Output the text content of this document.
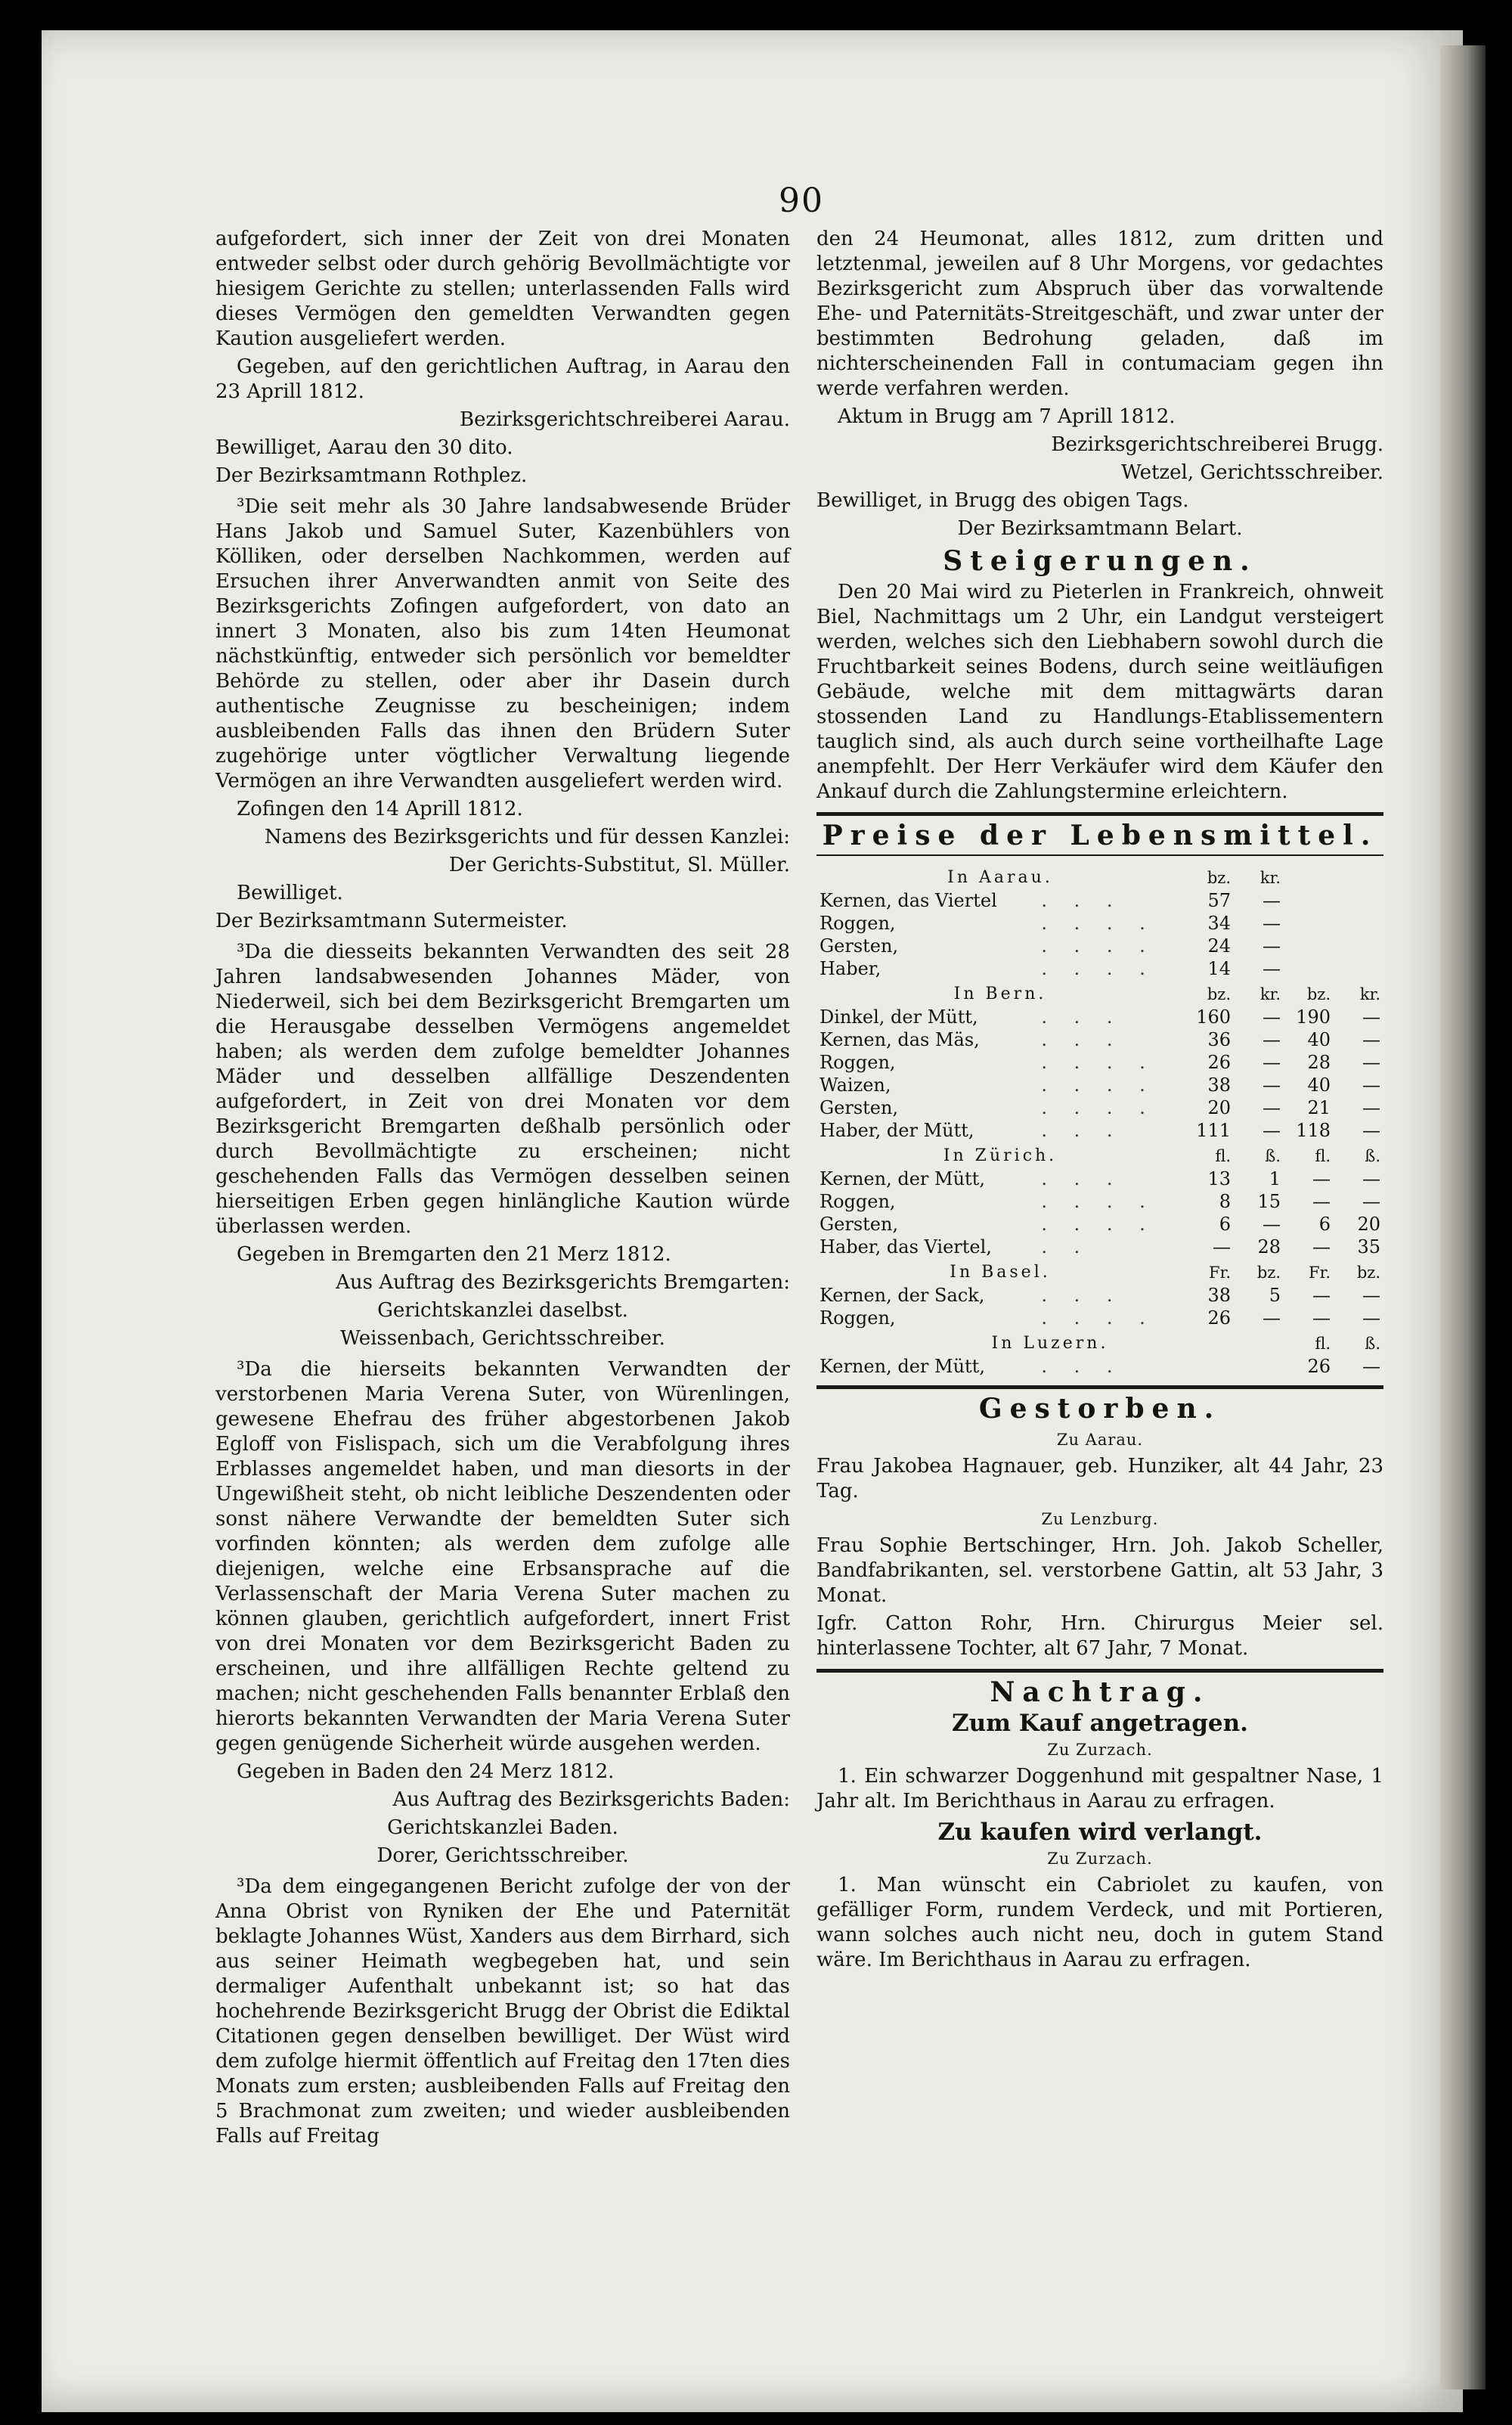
90

aufgefordert, sich inner der Zeit von drei Monaten entweder selbst oder durch gehörig Bevollmächtigte vor hiesigem Gerichte zu stellen; unterlassenden Falls wird dieses Vermögen den gemeldten Verwandten gegen Kaution ausgeliefert werden.

Gegeben, auf den gerichtlichen Auftrag, in Aarau den 23 Aprill 1812.

Bezirksgerichtschreiberei Aarau.

Bewilliget, Aarau den 30 dito.

Der Bezirksamtmann Rothplez.

³Die seit mehr als 30 Jahre landsabwesende Brüder Hans Jakob und Samuel Suter, Kazenbühlers von Kölliken, oder derselben Nachkommen, werden auf Ersuchen ihrer Anverwandten anmit von Seite des Bezirksgerichts Zofingen aufgefordert, von dato an innert 3 Monaten, also bis zum 14ten Heumonat nächstkünftig, entweder sich persönlich vor bemeldter Behörde zu stellen, oder aber ihr Dasein durch authentische Zeugnisse zu bescheinigen; indem ausbleibenden Falls das ihnen den Brüdern Suter zugehörige unter vögtlicher Verwaltung liegende Vermögen an ihre Verwandten ausgeliefert werden wird.

Zofingen den 14 Aprill 1812.

Namens des Bezirksgerichts und für dessen Kanzlei:

Der Gerichts-Substitut, Sl. Müller.

Bewilliget.

Der Bezirksamtmann Sutermeister.

³Da die diesseits bekannten Verwandten des seit 28 Jahren landsabwesenden Johannes Mäder, von Niederweil, sich bei dem Bezirksgericht Bremgarten um die Herausgabe desselben Vermögens angemeldet haben; als werden dem zufolge bemeldter Johannes Mäder und desselben allfällige Deszendenten aufgefordert, in Zeit von drei Monaten vor dem Bezirksgericht Bremgarten deßhalb persönlich oder durch Bevollmächtigte zu erscheinen; nicht geschehenden Falls das Vermögen desselben seinen hierseitigen Erben gegen hinlängliche Kaution würde überlassen werden.

Gegeben in Bremgarten den 21 Merz 1812.

Aus Auftrag des Bezirksgerichts Bremgarten:

Gerichtskanzlei daselbst.

Weissenbach, Gerichtsschreiber.

³Da die hierseits bekannten Verwandten der verstorbenen Maria Verena Suter, von Würenlingen, gewesene Ehefrau des früher abgestorbenen Jakob Egloff von Fislispach, sich um die Verabfolgung ihres Erblasses angemeldet haben, und man diesorts in der Ungewißheit steht, ob nicht leibliche Deszendenten oder sonst nähere Verwandte der bemeldten Suter sich vorfinden könnten; als werden dem zufolge alle diejenigen, welche eine Erbsansprache auf die Verlassenschaft der Maria Verena Suter machen zu können glauben, gerichtlich aufgefordert, innert Frist von drei Monaten vor dem Bezirksgericht Baden zu erscheinen, und ihre allfälligen Rechte geltend zu machen; nicht geschehenden Falls benannter Erblaß den hierorts bekannten Verwandten der Maria Verena Suter gegen genügende Sicherheit würde ausgehen werden.

Gegeben in Baden den 24 Merz 1812.

Aus Auftrag des Bezirksgerichts Baden:

Gerichtskanzlei Baden.

Dorer, Gerichtsschreiber.

³Da dem eingegangenen Bericht zufolge der von der Anna Obrist von Ryniken der Ehe und Paternität beklagte Johannes Wüst, Xanders aus dem Birrhard, sich aus seiner Heimath wegbegeben hat, und sein dermaliger Aufenthalt unbekannt ist; so hat das hochehrende Bezirksgericht Brugg der Obrist die Ediktal Citationen gegen denselben bewilliget. Der Wüst wird dem zufolge hiermit öffentlich auf Freitag den 17ten dies Monats zum ersten; ausbleibenden Falls auf Freitag den 5 Brachmonat zum zweiten; und wieder ausbleibenden Falls auf Freitag

den 24 Heumonat, alles 1812, zum dritten und letztenmal, jeweilen auf 8 Uhr Morgens, vor gedachtes Bezirksgericht zum Abspruch über das vorwaltende Ehe- und Paternitäts-Streitgeschäft, und zwar unter der bestimmten Bedrohung geladen, daß im nichterscheinenden Fall in contumaciam gegen ihn werde verfahren werden.

Aktum in Brugg am 7 Aprill 1812.

Bezirksgerichtschreiberei Brugg.

Wetzel, Gerichtsschreiber.

Bewilliget, in Brugg des obigen Tags.

Der Bezirksamtmann Belart.

Steigerungen.

Den 20 Mai wird zu Pieterlen in Frankreich, ohnweit Biel, Nachmittags um 2 Uhr, ein Landgut versteigert werden, welches sich den Liebhabern sowohl durch die Fruchtbarkeit seines Bodens, durch seine weitläufigen Gebäude, welche mit dem mittagwärts daran stossenden Land zu Handlungs-Etablissementern tauglich sind, als auch durch seine vortheilhafte Lage anempfehlt. Der Herr Verkäufer wird dem Käufer den Ankauf durch die Zahlungstermine erleichtern.

Preise der Lebensmittel.
In Aarau.		bz.	kr.		
Kernen, das Viertel	. . .	57	—		
Roggen,	. . . .	34	—		
Gersten,	. . . .	24	—		
Haber,	. . . .	14	—		
In Bern.		bz.	kr.	bz.	kr.
Dinkel, der Mütt,	. . .	160	—	190	—
Kernen, das Mäs,	. . .	36	—	40	—
Roggen,	. . . .	26	—	28	—
Waizen,	. . . .	38	—	40	—
Gersten,	. . . .	20	—	21	—
Haber, der Mütt,	. . .	111	—	118	—
In Zürich.		fl.	ß.	fl.	ß.
Kernen, der Mütt,	. . .	13	1	—	—
Roggen,	. . . .	8	15	—	—
Gersten,	. . . .	6	—	6	20
Haber, das Viertel,	. .	—	28	—	35
In Basel.		Fr.	bz.	Fr.	bz.
Kernen, der Sack,	. . .	38	5	—	—
Roggen,	. . . .	26	—	—	—
In Luzern.				fl.	ß.
Kernen, der Mütt,	. . .			26	—
Gestorben.
Zu Aarau.

Frau Jakobea Hagnauer, geb. Hunziker, alt 44 Jahr, 23 Tag.

Zu Lenzburg.

Frau Sophie Bertschinger, Hrn. Joh. Jakob Scheller, Bandfabrikanten, sel. verstorbene Gattin, alt 53 Jahr, 3 Monat.

Igfr. Catton Rohr, Hrn. Chirurgus Meier sel. hinterlassene Tochter, alt 67 Jahr, 7 Monat.

Nachtrag.
Zum Kauf angetragen.
Zu Zurzach.

1. Ein schwarzer Doggenhund mit gespaltner Nase, 1 Jahr alt. Im Berichthaus in Aarau zu erfragen.

Zu kaufen wird verlangt.
Zu Zurzach.

1. Man wünscht ein Cabriolet zu kaufen, von gefälliger Form, rundem Verdeck, und mit Portieren, wann solches auch nicht neu, doch in gutem Stand wäre. Im Berichthaus in Aarau zu erfragen.
